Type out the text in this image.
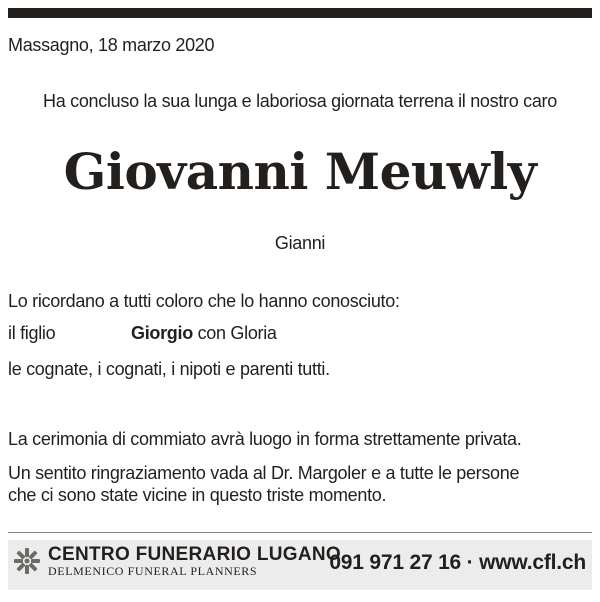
Massagno, 18 marzo 2020
Ha concluso la sua lunga e laboriosa giornata terrena il nostro caro
Giovanni Meuwly
Gianni
Lo ricordano a tutti coloro che lo hanno conosciuto:
il figlio	Giorgio con Gloria
le cognate, i cognati, i nipoti e parenti tutti.
La cerimonia di commiato avrà luogo in forma strettamente privata.
Un sentito ringraziamento vada al Dr. Margoler e a tutte le persone
che ci sono state vicine in questo triste momento.
CENTRO FUNERARIO LUGANO
DELMENICO FUNERAL PLANNERS	091 971 27 16 · www.cfl.ch
